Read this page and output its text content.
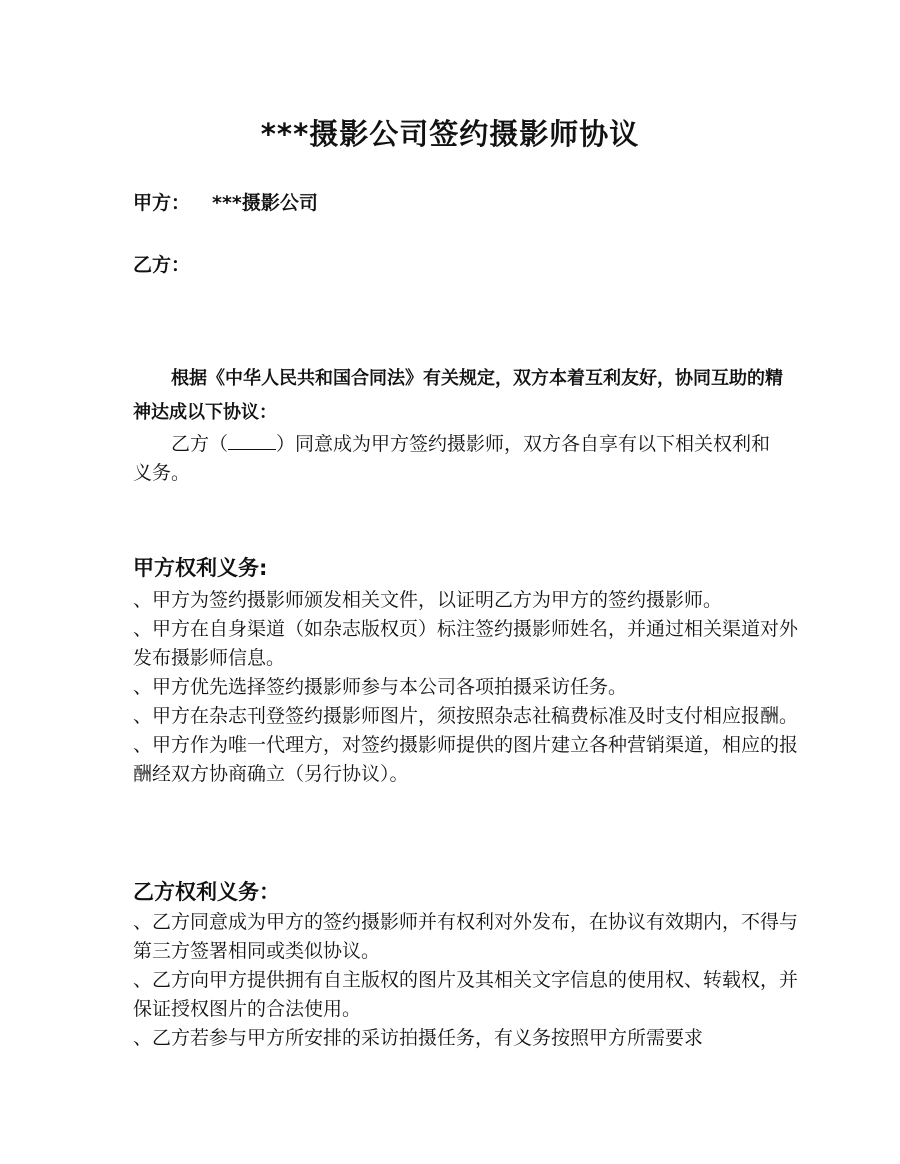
***摄影公司签约摄影师协议
甲方： ***摄影公司
乙方：
根据《中华人民共和国合同法》有关规定，双方本着互利友好，协同互助的精神达成以下协议：
乙方（	）同意成为甲方签约摄影师，双方各自享有以下相关权利和义务。
甲方权利义务:
、甲方为签约摄影师颁发相关文件，以证明乙方为甲方的签约摄影师。
、甲方在自身渠道（如杂志版权页）标注签约摄影师姓名，并通过相关渠道对外发布摄影师信息。
、甲方优先选择签约摄影师参与本公司各项拍摄采访任务。
、甲方在杂志刊登签约摄影师图片，须按照杂志社稿费标准及时支付相应报酬。
、甲方作为唯一代理方，对签约摄影师提供的图片建立各种营销渠道，相应的报酬经双方协商确立（另行协议）。
乙方权利义务：
、乙方同意成为甲方的签约摄影师并有权利对外发布，在协议有效期内，不得与第三方签署相同或类似协议。
、乙方向甲方提供拥有自主版权的图片及其相关文字信息的使用权、转载权，并保证授权图片的合法使用。
、乙方若参与甲方所安排的采访拍摄任务，有义务按照甲方所需要求
